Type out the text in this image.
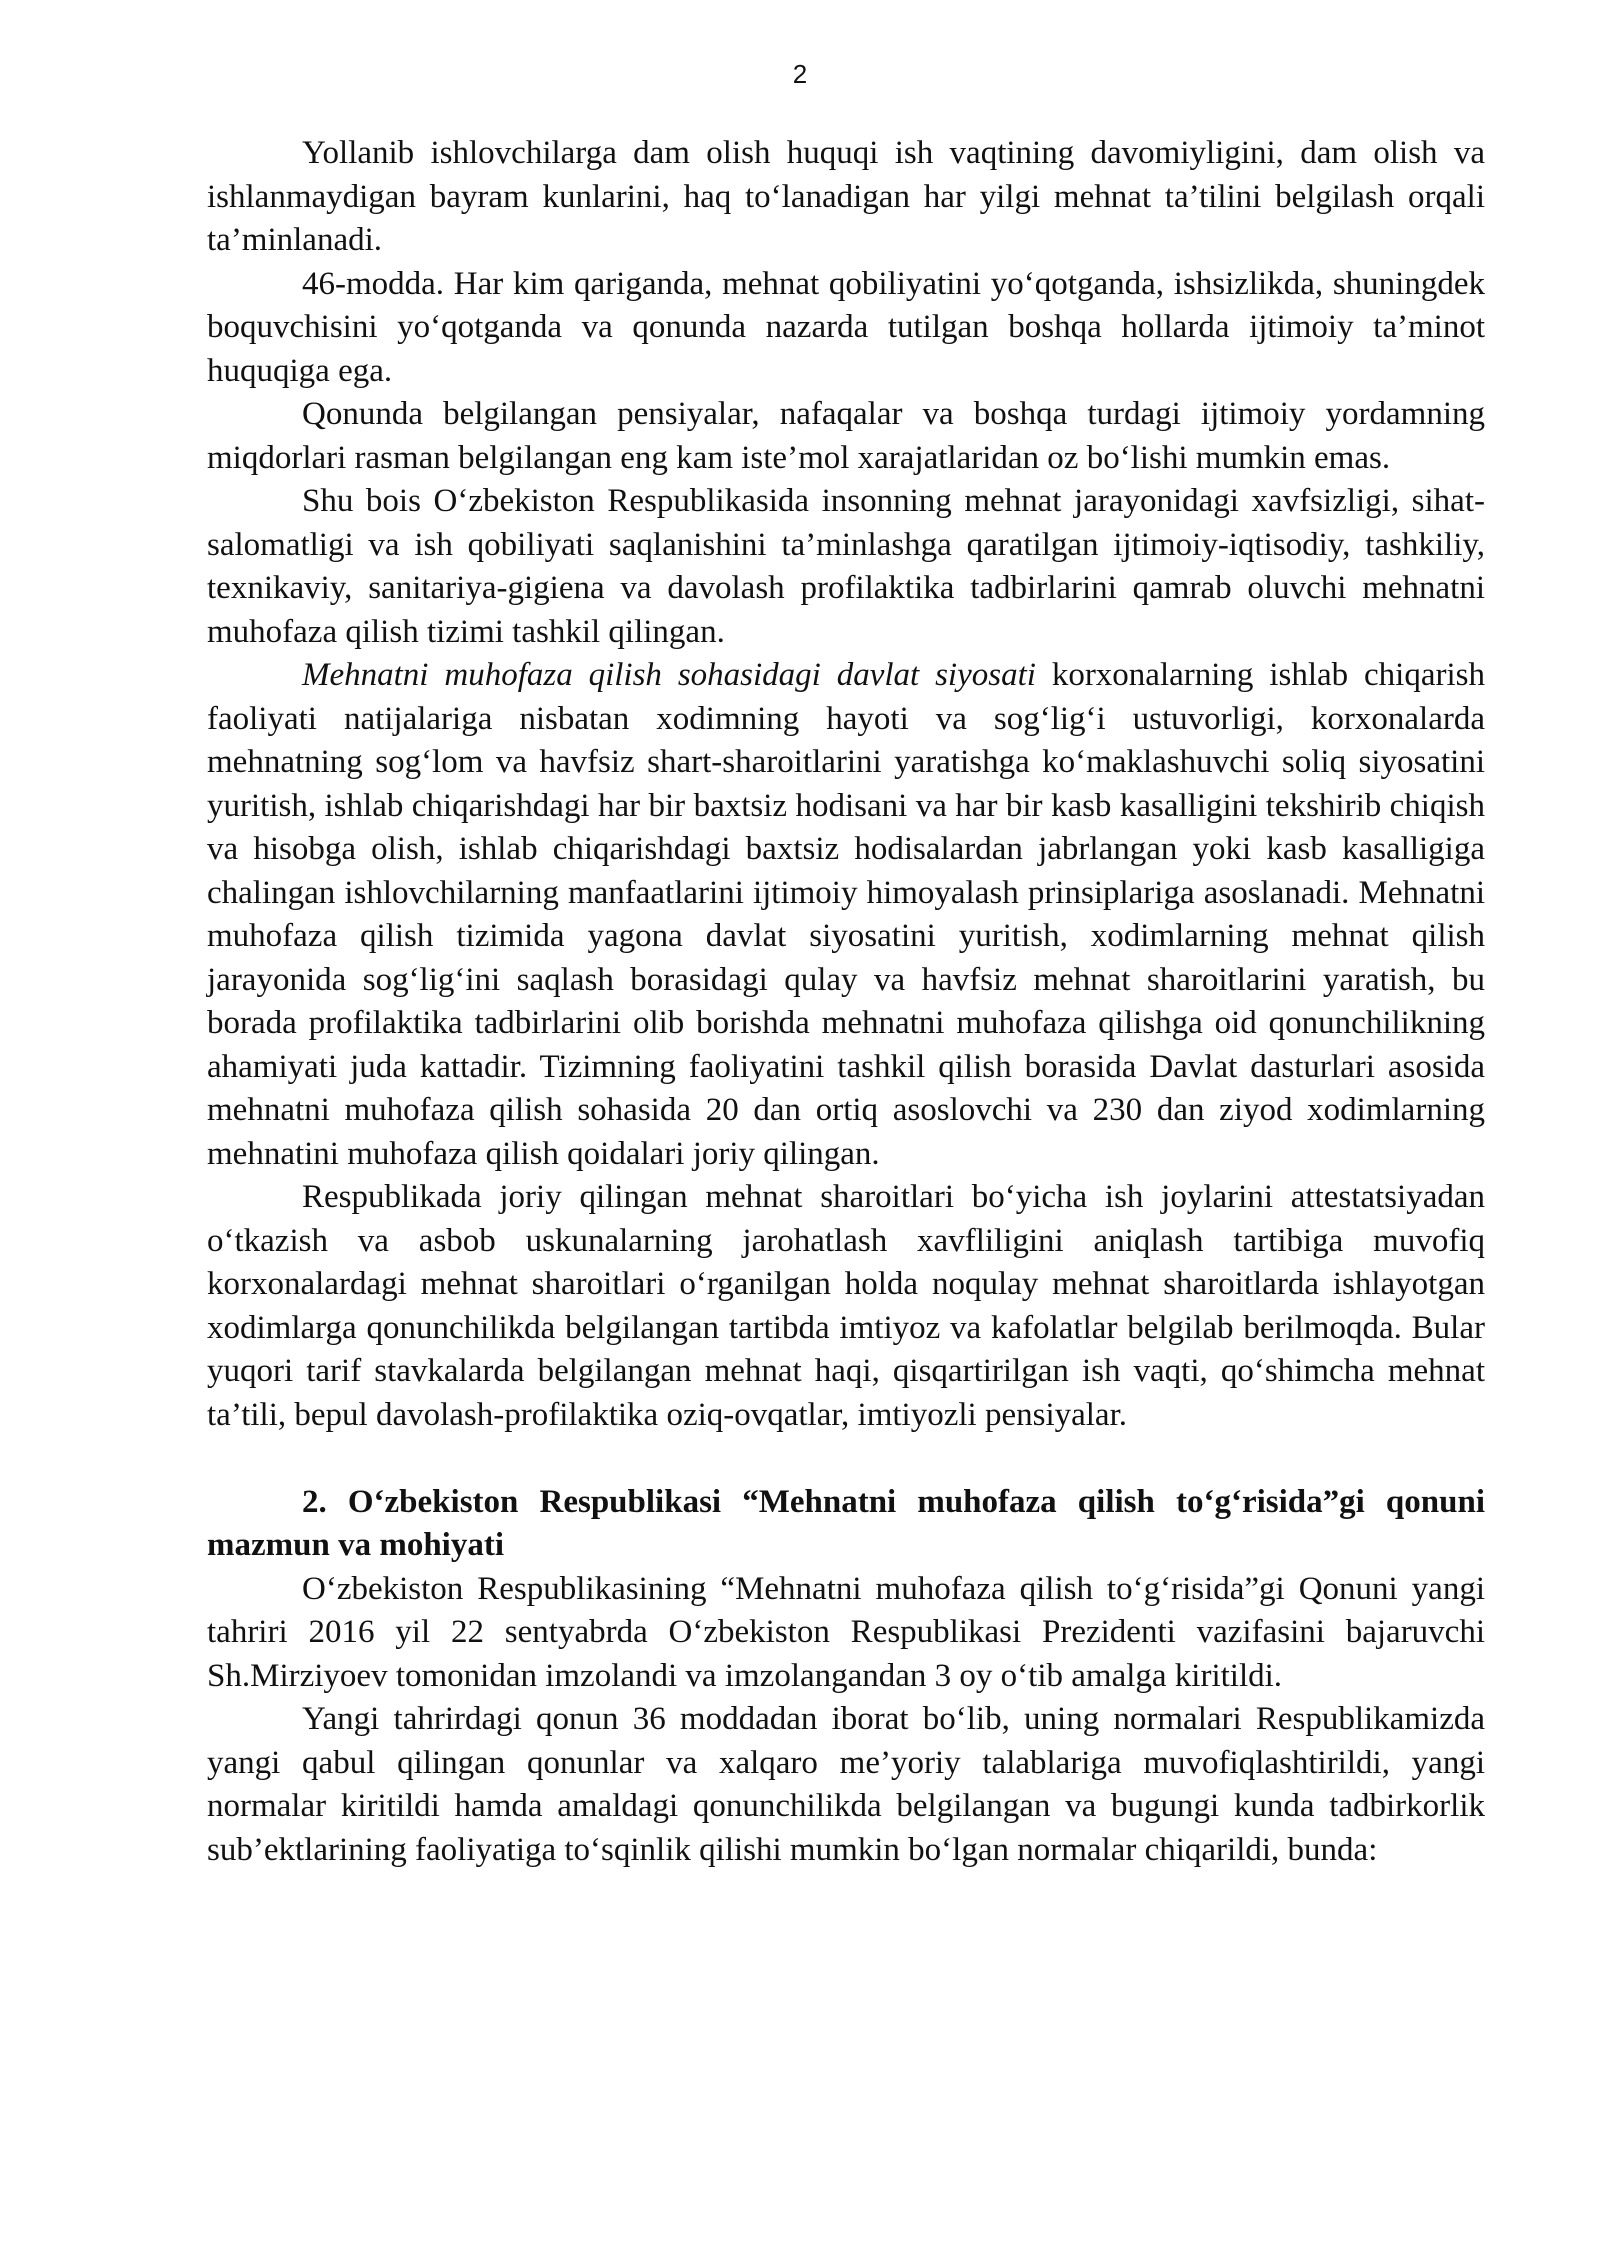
2

Yollanib ishlovchilarga dam olish huquqi ish vaqtining davomiyligini, dam olish va ishlanmaydigan bayram kunlarini, haq to‘lanadigan har yilgi mehnat ta’tilini belgilash orqali ta’minlanadi.

46-modda. Har kim qariganda, mehnat qobiliyatini yo‘qotganda, ishsizlikda, shuningdek boquvchisini yo‘qotganda va qonunda nazarda tutilgan boshqa hollarda ijtimoiy ta’minot huquqiga ega.

Qonunda belgilangan pensiyalar, nafaqalar va boshqa turdagi ijtimoiy yordamning miqdorlari rasman belgilangan eng kam iste’mol xarajatlaridan oz bo‘lishi mumkin emas.

Shu bois O‘zbekiston Respublikasida insonning mehnat jarayonidagi xavfsizligi, sihat-salomatligi va ish qobiliyati saqlanishini ta’minlashga qaratilgan ijtimoiy-iqtisodiy, tashkiliy, texnikaviy, sanitariya-gigiena va davolash profilaktika tadbirlarini qamrab oluvchi mehnatni muhofaza qilish tizimi tashkil qilingan.

Mehnatni muhofaza qilish sohasidagi davlat siyosati korxonalarning ishlab chiqarish faoliyati natijalariga nisbatan xodimning hayoti va sog‘lig‘i ustuvorligi, korxonalarda mehnatning sog‘lom va havfsiz shart-sharoitlarini yaratishga ko‘maklashuvchi soliq siyosatini yuritish, ishlab chiqarishdagi har bir baxtsiz hodisani va har bir kasb kasalligini tekshirib chiqish va hisobga olish, ishlab chiqarishdagi baxtsiz hodisalardan jabrlangan yoki kasb kasalligiga chalingan ishlovchilarning manfaatlarini ijtimoiy himoyalash prinsiplariga asoslanadi. Mehnatni muhofaza qilish tizimida yagona davlat siyosatini yuritish, xodimlarning mehnat qilish jarayonida sog‘lig‘ini saqlash borasidagi qulay va havfsiz mehnat sharoitlarini yaratish, bu borada profilaktika tadbirlarini olib borishda mehnatni muhofaza qilishga oid qonunchilikning ahamiyati juda kattadir. Tizimning faoliyatini tashkil qilish borasida Davlat dasturlari asosida mehnatni muhofaza qilish sohasida 20 dan ortiq asoslovchi va 230 dan ziyod xodimlarning mehnatini muhofaza qilish qoidalari joriy qilingan.

Respublikada joriy qilingan mehnat sharoitlari bo‘yicha ish joylarini attestatsiyadan o‘tkazish va asbob uskunalarning jarohatlash xavfliligini aniqlash tartibiga muvofiq korxonalardagi mehnat sharoitlari o‘rganilgan holda noqulay mehnat sharoitlarda ishlayotgan xodimlarga qonunchilikda belgilangan tartibda imtiyoz va kafolatlar belgilab berilmoqda. Bular yuqori tarif stavkalarda belgilangan mehnat haqi, qisqartirilgan ish vaqti, qo‘shimcha mehnat ta’tili, bepul davolash-profilaktika oziq-ovqatlar, imtiyozli pensiyalar.

2. O‘zbekiston Respublikasi “Mehnatni muhofaza qilish to‘g‘risida”gi qonuni mazmun va mohiyati

O‘zbekiston Respublikasining “Mehnatni muhofaza qilish to‘g‘risida”gi Qonuni yangi tahriri 2016 yil 22 sentyabrda O‘zbekiston Respublikasi Prezidenti vazifasini bajaruvchi Sh.Mirziyoev tomonidan imzolandi va imzolangandan 3 oy o‘tib amalga kiritildi.

Yangi tahrirdagi qonun 36 moddadan iborat bo‘lib, uning normalari Respublikamizda yangi qabul qilingan qonunlar va xalqaro me’yoriy talablariga muvofiqlashtirildi, yangi normalar kiritildi hamda amaldagi qonunchilikda belgilangan va bugungi kunda tadbirkorlik sub’ektlarining faoliyatiga to‘sqinlik qilishi mumkin bo‘lgan normalar chiqarildi, bunda:
